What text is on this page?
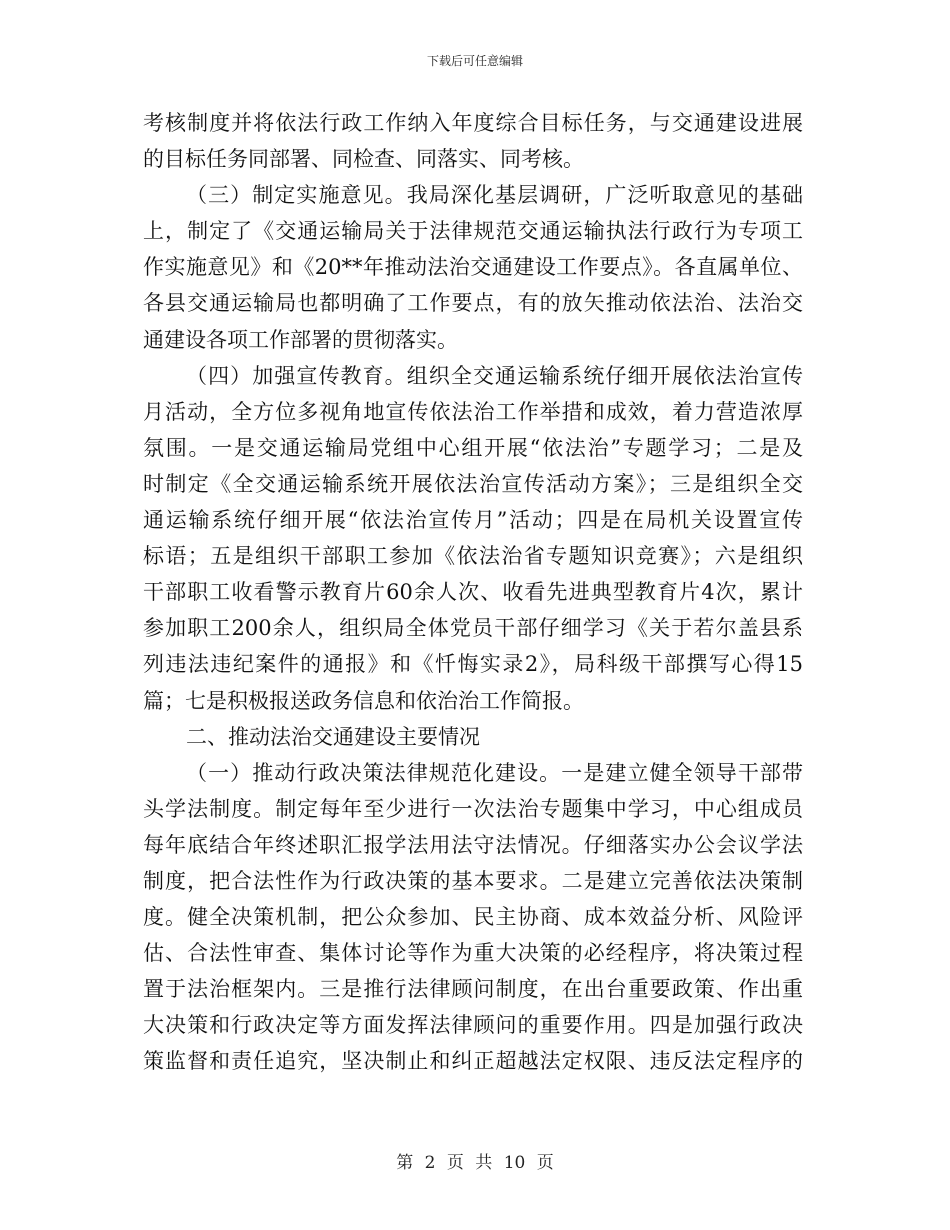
下载后可任意编辑
考核制度并将依法行政工作纳入年度综合目标任务，与交通建设进展
的目标任务同部署、同检查、同落实、同考核。
（三）制定实施意见。我局深化基层调研，广泛听取意见的基础
上，制定了《交通运输局关于法律规范交通运输执法行政行为专项工
作实施意见》和《20**年推动法治交通建设工作要点》。各直属单位、
各县交通运输局也都明确了工作要点，有的放矢推动依法治、法治交
通建设各项工作部署的贯彻落实。
（四）加强宣传教育。组织全交通运输系统仔细开展依法治宣传
月活动，全方位多视角地宣传依法治工作举措和成效，着力营造浓厚
氛围。一是交通运输局党组中心组开展“依法治”专题学习；二是及
时制定《全交通运输系统开展依法治宣传活动方案》；三是组织全交
通运输系统仔细开展“依法治宣传月”活动；四是在局机关设置宣传
标语；五是组织干部职工参加《依法治省专题知识竞赛》；六是组织
干部职工收看警示教育片60余人次、收看先进典型教育片4次，累计
参加职工200余人，组织局全体党员干部仔细学习《关于若尔盖县系
列违法违纪案件的通报》和《忏悔实录2》，局科级干部撰写心得15
篇；七是积极报送政务信息和依治治工作简报。
二、推动法治交通建设主要情况
（一）推动行政决策法律规范化建设。一是建立健全领导干部带
头学法制度。制定每年至少进行一次法治专题集中学习，中心组成员
每年底结合年终述职汇报学法用法守法情况。仔细落实办公会议学法
制度，把合法性作为行政决策的基本要求。二是建立完善依法决策制
度。健全决策机制，把公众参加、民主协商、成本效益分析、风险评
估、合法性审查、集体讨论等作为重大决策的必经程序，将决策过程
置于法治框架内。三是推行法律顾问制度，在出台重要政策、作出重
大决策和行政决定等方面发挥法律顾问的重要作用。四是加强行政决
策监督和责任追究，坚决制止和纠正超越法定权限、违反法定程序的
第 2 页 共 10 页
